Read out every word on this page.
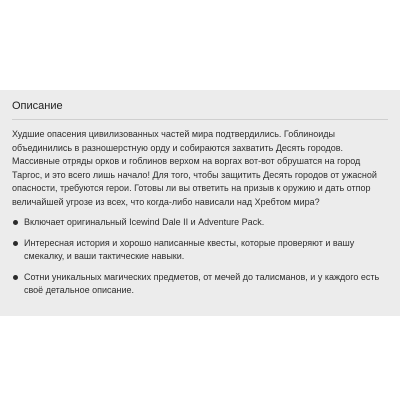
Описание

Худшие опасения цивилизованных частей мира подтвердились. Гоблиноиды объединились в разношерстную орду и собираются захватить Десять городов. Массивные отряды орков и гоблинов верхом на воргах вот-вот обрушатся на город Таргос, и это всего лишь начало! Для того, чтобы защитить Десять городов от ужасной опасности, требуются герои. Готовы ли вы ответить на призыв к оружию и дать отпор величайшей угрозе из всех, что когда-либо нависали над Хребтом мира?

Включает оригинальный Icewind Dale II и Adventure Pack.
Интересная история и хорошо написанные квесты, которые проверяют и вашу смекалку, и ваши тактические навыки.
Сотни уникальных магических предметов, от мечей до талисманов, и у каждого есть своё детальное описание.
